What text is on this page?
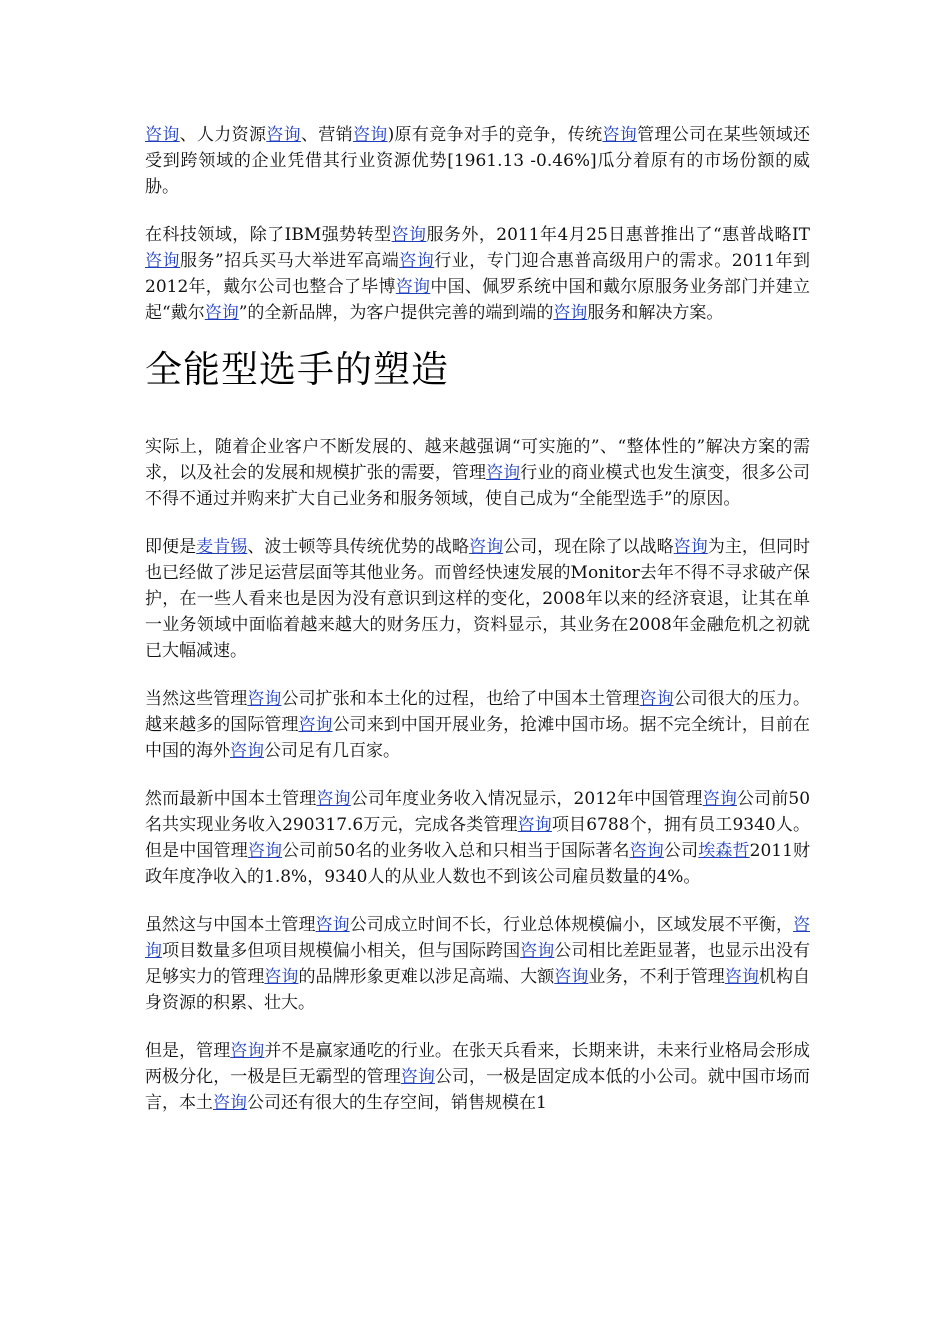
咨询、人力资源咨询、营销咨询)原有竞争对手的竞争，传统咨询管理公司在某些领域还受到跨领域的企业凭借其行业资源优势[1961.13 -0.46%]瓜分着原有的市场份额的威胁。

在科技领域，除了IBM强势转型咨询服务外，2011年4月25日惠普推出了“惠普战略IT咨询服务”招兵买马大举进军高端咨询行业，专门迎合惠普高级用户的需求。2011年到2012年，戴尔公司也整合了毕博咨询中国、佩罗系统中国和戴尔原服务业务部门并建立起“戴尔咨询”的全新品牌，为客户提供完善的端到端的咨询服务和解决方案。

全能型选手的塑造

实际上，随着企业客户不断发展的、越来越强调“可实施的”、“整体性的”解决方案的需求，以及社会的发展和规模扩张的需要，管理咨询行业的商业模式也发生演变，很多公司不得不通过并购来扩大自己业务和服务领域，使自己成为“全能型选手”的原因。

即便是麦肯锡、波士顿等具传统优势的战略咨询公司，现在除了以战略咨询为主，但同时也已经做了涉足运营层面等其他业务。而曾经快速发展的Monitor去年不得不寻求破产保护，在一些人看来也是因为没有意识到这样的变化，2008年以来的经济衰退，让其在单一业务领域中面临着越来越大的财务压力，资料显示，其业务在2008年金融危机之初就已大幅减速。

当然这些管理咨询公司扩张和本土化的过程，也给了中国本土管理咨询公司很大的压力。越来越多的国际管理咨询公司来到中国开展业务，抢滩中国市场。据不完全统计，目前在中国的海外咨询公司足有几百家。

然而最新中国本土管理咨询公司年度业务收入情况显示，2012年中国管理咨询公司前50名共实现业务收入290317.6万元，完成各类管理咨询项目6788个，拥有员工9340人。但是中国管理咨询公司前50名的业务收入总和只相当于国际著名咨询公司埃森哲2011财政年度净收入的1.8%，9340人的从业人数也不到该公司雇员数量的4%。

虽然这与中国本土管理咨询公司成立时间不长，行业总体规模偏小，区域发展不平衡，咨询项目数量多但项目规模偏小相关，但与国际跨国咨询公司相比差距显著，也显示出没有足够实力的管理咨询的品牌形象更难以涉足高端、大额咨询业务，不利于管理咨询机构自身资源的积累、壮大。

但是，管理咨询并不是赢家通吃的行业。在张天兵看来，长期来讲，未来行业格局会形成两极分化，一极是巨无霸型的管理咨询公司，一极是固定成本低的小公司。就中国市场而言，本土咨询公司还有很大的生存空间，销售规模在1
